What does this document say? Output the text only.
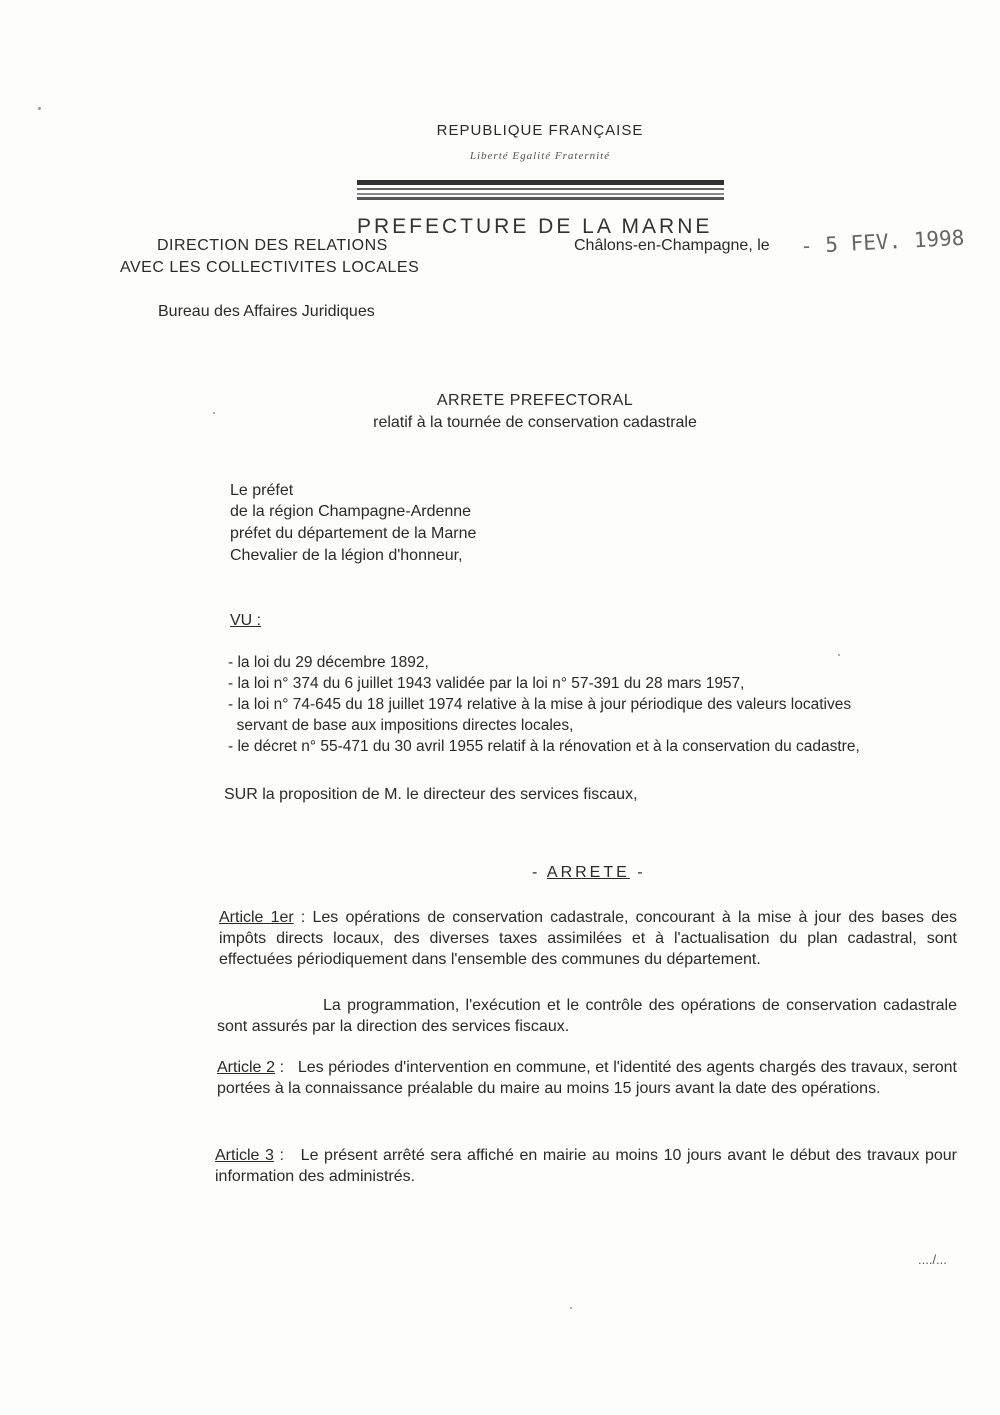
REPUBLIQUE FRANÇAISE
Liberté Egalité Fraternité
PREFECTURE DE LA MARNE
DIRECTION DES RELATIONS
AVEC LES COLLECTIVITES LOCALES
Châlons-en-Champagne, le - 5 FEV. 1998
Bureau des Affaires Juridiques
ARRETE PREFECTORAL
relatif à la tournée de conservation cadastrale
Le préfet
de la région Champagne-Ardenne
préfet du département de la Marne
Chevalier de la légion d'honneur,
VU :
- la loi du 29 décembre 1892,
- la loi n° 374 du 6 juillet 1943 validée par la loi n° 57-391 du 28 mars 1957,
- la loi n° 74-645 du 18 juillet 1974 relative à la mise à jour périodique des valeurs locatives
servant de base aux impositions directes locales,
- le décret n° 55-471 du 30 avril 1955 relatif à la rénovation et à la conservation du cadastre,
SUR la proposition de M. le directeur des services fiscaux,
- ARRETE -
Article 1er : Les opérations de conservation cadastrale, concourant à la mise à jour des bases des impôts directs locaux, des diverses taxes assimilées et à l'actualisation du plan cadastral, sont effectuées périodiquement dans l'ensemble des communes du département.
La programmation, l'exécution et le contrôle des opérations de conservation cadastrale sont assurés par la direction des services fiscaux.
Article 2 :   Les périodes d'intervention en commune, et l'identité des agents chargés des travaux, seront portées à la connaissance préalable du maire au moins 15 jours avant la date des opérations.
Article 3 :   Le présent arrêté sera affiché en mairie au moins 10 jours avant le début des travaux pour information des administrés.
..../...
